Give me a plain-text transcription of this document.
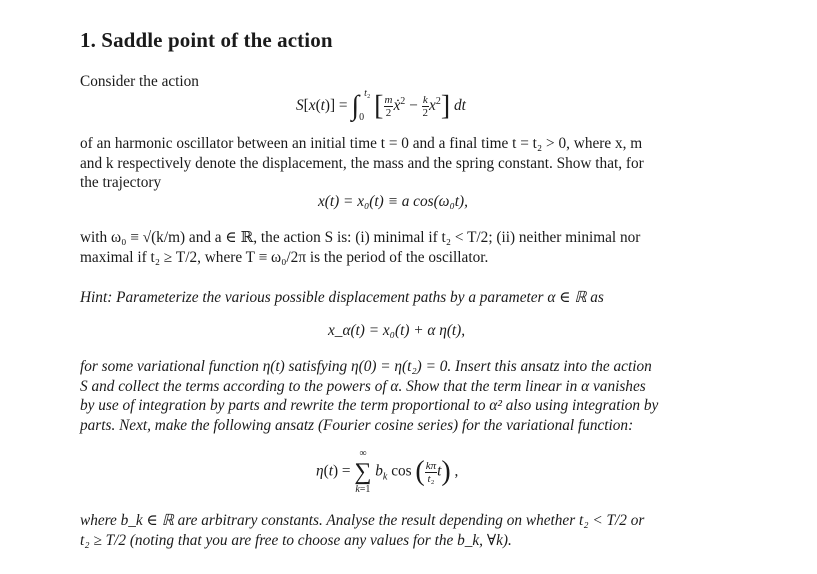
1. Saddle point of the action
Consider the action
$S[x(t)] = \int_0^{t_2}$ [ $\frac{m}{2}$ ẋ$^2$ − $\frac{k}{2} x^2$] dt
of an harmonic oscillator between an initial time t = 0 and a final time t = t₂ > 0, where x, m
and k respectively denote the displacement, the mass and the spring constant. Show that, for
the trajectory
x(t) = x₀(t) ≡ a cos(ω₀t),
with ω₀ ≡ √(k/m) and a ∈ ℝ, the action S is: (i) minimal if t₂ < T/2; (ii) neither minimal nor
maximal if t₂ ≥ T/2, where T ≡ ω₀/2π is the period of the oscillator.
Hint: Parameterize the various possible displacement paths by a parameter α ∈ ℝ as
x_α(t) = x₀(t) + α η(t),
for some variational function η(t) satisfying η(0) = η(t₂) = 0. Insert this ansatz into the action
S and collect the terms according to the powers of α. Show that the term linear in α vanishes
by use of integration by parts and rewrite the term proportional to α² also using integration by
parts. Next, make the following ansatz (Fourier cosine series) for the variational function:
η(t) =
∞
∑
k=1
$b_k$ cos ( $\frac{k\pi}{\text{t₂}} t$) ,
where b_k ∈ ℝ are arbitrary constants. Analyse the result depending on whether t₂ < T/2 or
t₂ ≥ T/2 (noting that you are free to choose any values for the b_k, ∀k).
